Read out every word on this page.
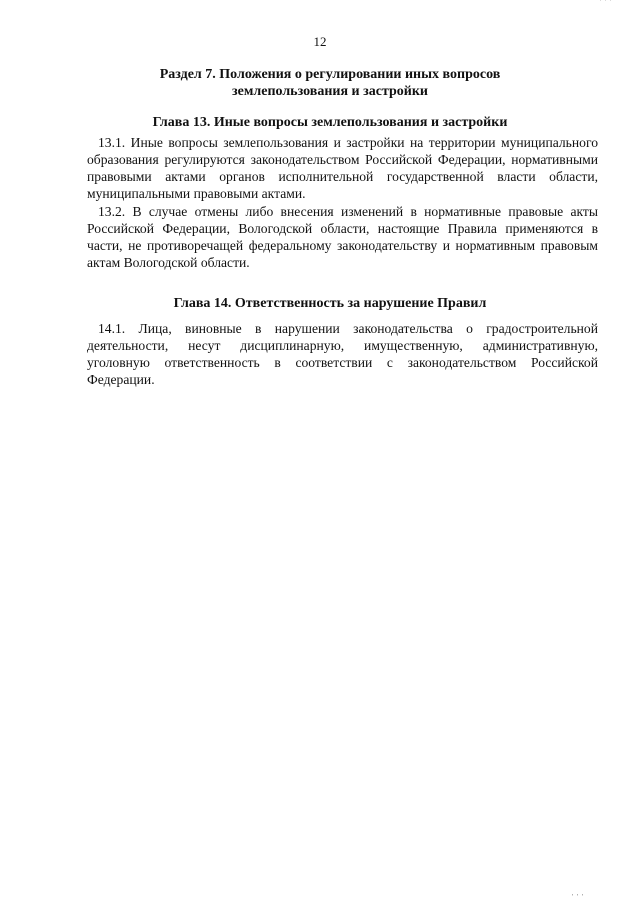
' ' '
12
Раздел 7. Положения о регулировании иных вопросов
землепользования и застройки
Глава 13. Иные вопросы землепользования и застройки

13.1. Иные вопросы землепользования и застройки на территории муниципального образования регулируются законодательством Российской Федерации, нормативными правовыми актами органов исполнительной государственной власти области, муниципальными правовыми актами.

13.2. В случае отмены либо внесения изменений в нормативные правовые акты Российской Федерации, Вологодской области, настоящие Правила применяются в части, не противоречащей федеральному законодательству и нормативным правовым актам Вологодской области.

Глава 14. Ответственность за нарушение Правил

14.1. Лица, виновные в нарушении законодательства о градостроительной деятельности, несут дисциплинарную, имущественную, административную, уголовную ответственность в соответствии с законодательством Российской Федерации.

' ' '
